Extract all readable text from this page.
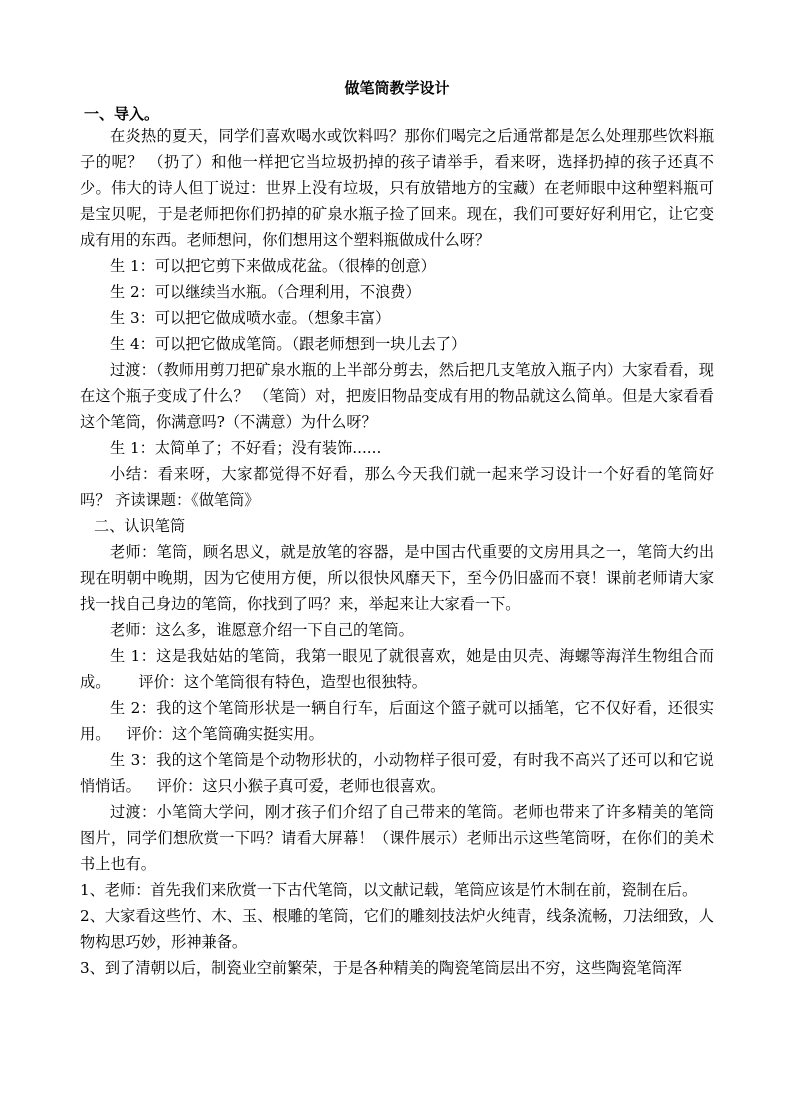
做笔筒教学设计
一、导入。

在炎热的夏天，同学们喜欢喝水或饮料吗？那你们喝完之后通常都是怎么处理那些饮料瓶子的呢？ （扔了）和他一样把它当垃圾扔掉的孩子请举手，看来呀，选择扔掉的孩子还真不少。伟大的诗人但丁说过：世界上没有垃圾，只有放错地方的宝藏）在老师眼中这种塑料瓶可是宝贝呢，于是老师把你们扔掉的矿泉水瓶子捡了回来。现在，我们可要好好利用它，让它变成有用的东西。老师想问，你们想用这个塑料瓶做成什么呀？

生 1：可以把它剪下来做成花盆。（很棒的创意）

生 2：可以继续当水瓶。（合理利用，不浪费）

生 3：可以把它做成喷水壶。（想象丰富）

生 4：可以把它做成笔筒。（跟老师想到一块儿去了）

过渡：（教师用剪刀把矿泉水瓶的上半部分剪去，然后把几支笔放入瓶子内）大家看看，现在这个瓶子变成了什么？ （笔筒）对，把废旧物品变成有用的物品就这么简单。但是大家看看这个笔筒，你满意吗?（不满意）为什么呀？

生 1：太简单了；不好看；没有装饰......

小结：看来呀，大家都觉得不好看，那么今天我们就一起来学习设计一个好看的笔筒好吗？ 齐读课题：《做笔筒》

二、认识笔筒

老师：笔筒，顾名思义，就是放笔的容器，是中国古代重要的文房用具之一，笔筒大约出现在明朝中晚期，因为它使用方便，所以很快风靡天下，至今仍旧盛而不衰！课前老师请大家找一找自己身边的笔筒，你找到了吗？来，举起来让大家看一下。

老师：这么多，谁愿意介绍一下自己的笔筒。

生 1：这是我姑姑的笔筒，我第一眼见了就很喜欢，她是由贝壳、海螺等海洋生物组合而成。 评价：这个笔筒很有特色，造型也很独特。

生 2：我的这个笔筒形状是一辆自行车，后面这个篮子就可以插笔，它不仅好看，还很实用。 评价：这个笔筒确实挺实用。

生 3：我的这个笔筒是个动物形状的，小动物样子很可爱，有时我不高兴了还可以和它说悄悄话。 评价：这只小猴子真可爱，老师也很喜欢。

过渡：小笔筒大学问，刚才孩子们介绍了自己带来的笔筒。老师也带来了许多精美的笔筒图片，同学们想欣赏一下吗？请看大屏幕！（课件展示）老师出示这些笔筒呀，在你们的美术书上也有。

1、老师：首先我们来欣赏一下古代笔筒，以文献记载，笔筒应该是竹木制在前，瓷制在后。

2、大家看这些竹、木、玉、根雕的笔筒，它们的雕刻技法炉火纯青，线条流畅，刀法细致，人物构思巧妙，形神兼备。

3、到了清朝以后，制瓷业空前繁荣，于是各种精美的陶瓷笔筒层出不穷，这些陶瓷笔筒浑
